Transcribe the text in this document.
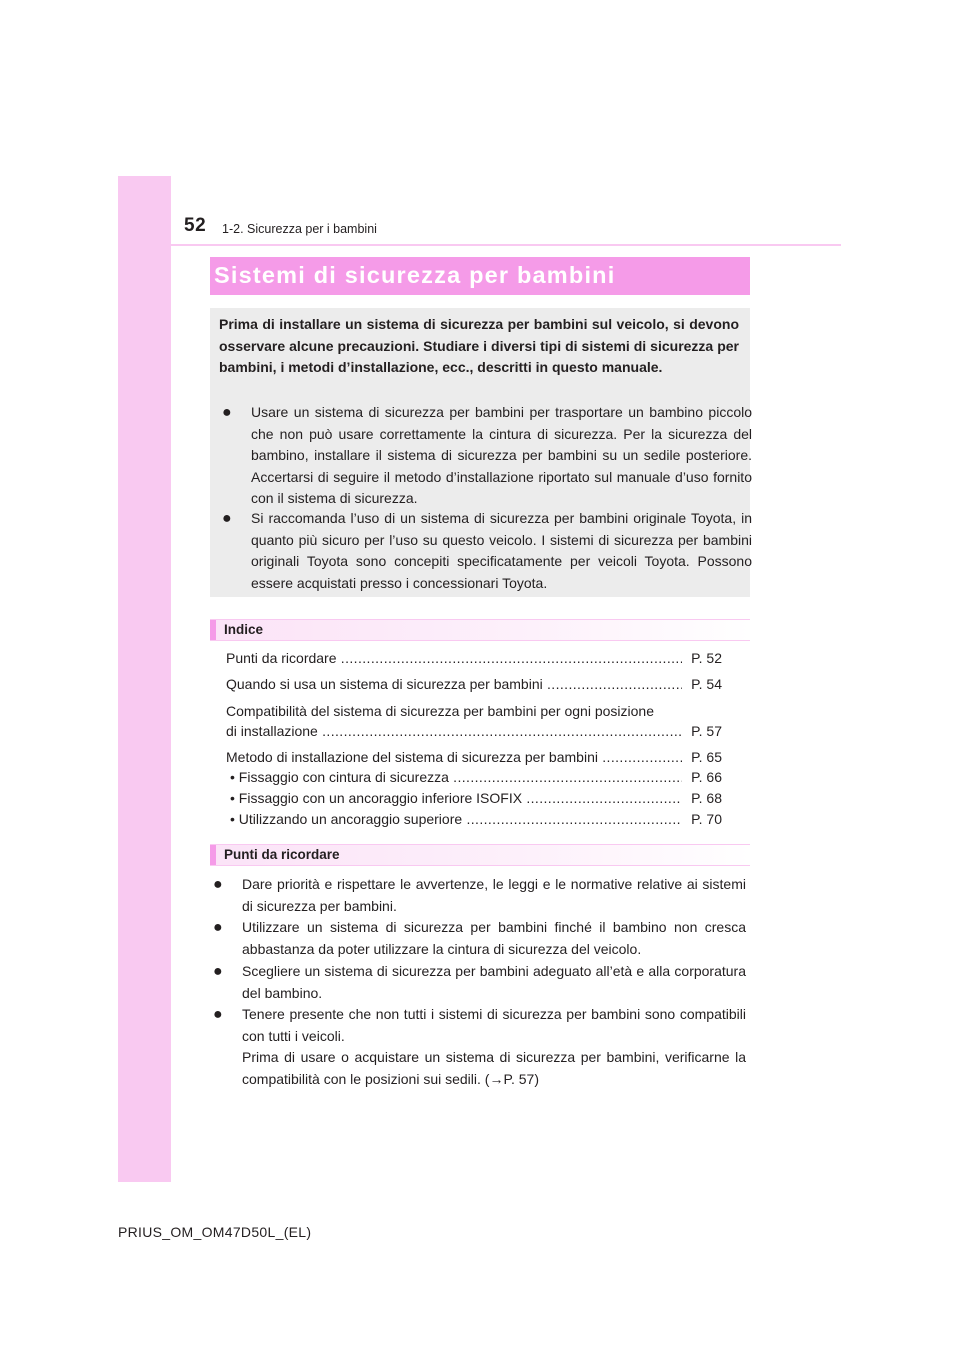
52 1-2. Sicurezza per i bambini
Sistemi di sicurezza per bambini
Prima di installare un sistema di sicurezza per bambini sul veicolo, si devono osservare alcune precauzioni. Studiare i diversi tipi di sistemi di sicurezza per bambini, i metodi d’installazione, ecc., descritti in questo manuale.
●	Usare un sistema di sicurezza per bambini per trasportare un bambino piccolo che non può usare correttamente la cintura di sicurezza. Per la sicurezza del bambino, installare il sistema di sicurezza per bambini su un sedile posteriore. Accertarsi di seguire il metodo d’installazione riportato sul manuale d’uso fornito con il sistema di sicurezza.
●	Si raccomanda l’uso di un sistema di sicurezza per bambini originale Toyota, in quanto più sicuro per l’uso su questo veicolo. I sistemi di sicurezza per bambini originali Toyota sono concepiti specificatamente per veicoli Toyota. Possono essere acquistati presso i concessionari Toyota.
Indice
Punti da ricordare .....	P. 52
Quando si usa un sistema di sicurezza per bambini .....	P. 54
Compatibilità del sistema di sicurezza per bambini per ogni posizione
di installazione .....	P. 57
Metodo di installazione del sistema di sicurezza per bambini .....	P. 65
• Fissaggio con cintura di sicurezza .....	P. 66
• Fissaggio con un ancoraggio inferiore ISOFIX .....	P. 68
• Utilizzando un ancoraggio superiore .....	P. 70
Punti da ricordare
● Dare priorità e rispettare le avvertenze, le leggi e le normative relative ai sistemi di sicurezza per bambini.
● Utilizzare un sistema di sicurezza per bambini finché il bambino non cresca abbastanza da poter utilizzare la cintura di sicurezza del veicolo.
● Scegliere un sistema di sicurezza per bambini adeguato all’età e alla corporatura del bambino.
● Tenere presente che non tutti i sistemi di sicurezza per bambini sono compatibili con tutti i veicoli.
Prima di usare o acquistare un sistema di sicurezza per bambini, verificarne la compatibilità con le posizioni sui sedili. (→P. 57)
PRIUS_OM_OM47D50L_(EL)
